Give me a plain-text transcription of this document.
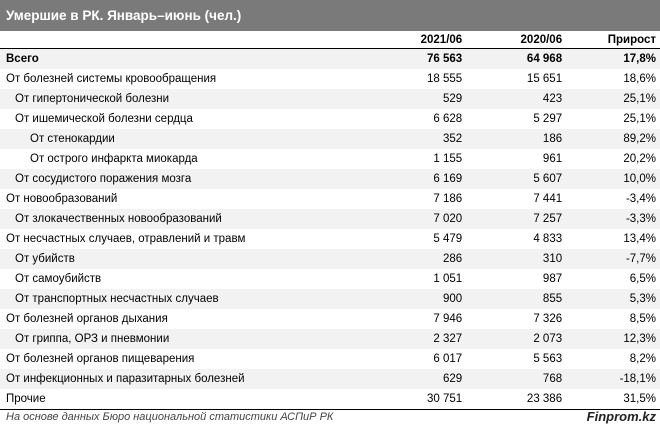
Умершие в РК. Январь–июнь (чел.)
	2021/06	2020/06	Прирост
Всего	76 563	64 968	17,8%
От болезней системы кровообращения	18 555	15 651	18,6%
От гипертонической болезни	529	423	25,1%
От ишемической болезни сердца	6 628	5 297	25,1%
От стенокардии	352	186	89,2%
От острого инфаркта миокарда	1 155	961	20,2%
От сосудистого поражения мозга	6 169	5 607	10,0%
От новообразований	7 186	7 441	-3,4%
От злокачественных новообразований	7 020	7 257	-3,3%
От несчастных случаев, отравлений и травм	5 479	4 833	13,4%
От убийств	286	310	-7,7%
От самоубийств	1 051	987	6,5%
От транспортных несчастных случаев	900	855	5,3%
От болезней органов дыхания	7 946	7 326	8,5%
От гриппа, ОРЗ и пневмонии	2 327	2 073	12,3%
От болезней органов пищеварения	6 017	5 563	8,2%
От инфекционных и паразитарных болезней	629	768	-18,1%
Прочие	30 751	23 386	31,5%
На основе данных Бюро национальной статистики АСПиР РК	Finprom.kz
